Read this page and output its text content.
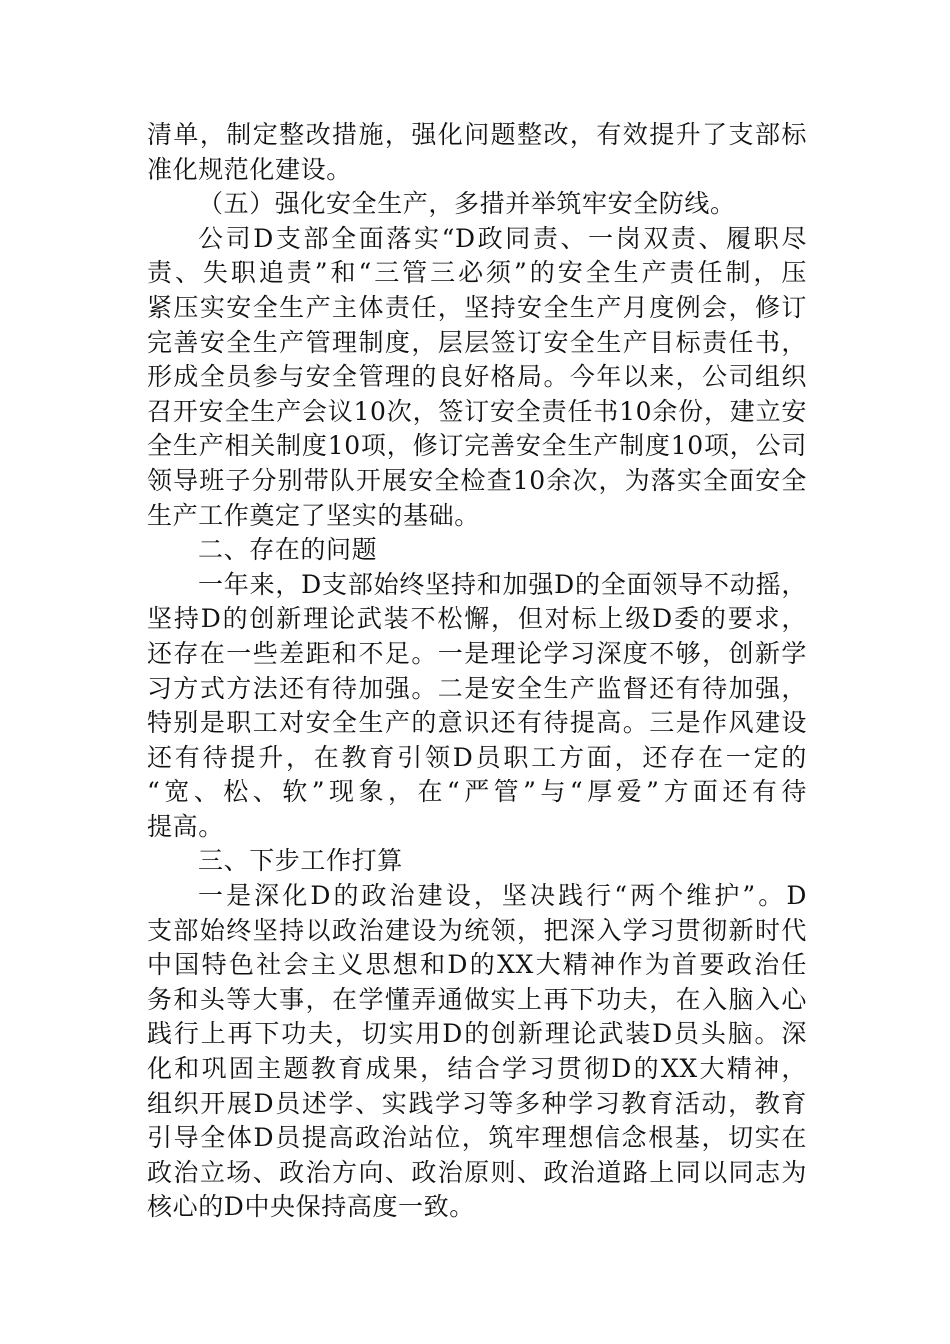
清单，制定整改措施，强化问题整改，有效提升了支部标
准化规范化建设。
（五）强化安全生产，多措并举筑牢安全防线。
公司D支部全面落实“D政同责、一岗双责、履职尽
责、失职追责”和“三管三必须”的安全生产责任制，压
紧压实安全生产主体责任，坚持安全生产月度例会，修订
完善安全生产管理制度，层层签订安全生产目标责任书，
形成全员参与安全管理的良好格局。今年以来，公司组织
召开安全生产会议10次，签订安全责任书10余份，建立安
全生产相关制度10项，修订完善安全生产制度10项，公司
领导班子分别带队开展安全检查10余次，为落实全面安全
生产工作奠定了坚实的基础。
二、存在的问题
一年来，D支部始终坚持和加强D的全面领导不动摇，
坚持D的创新理论武装不松懈，但对标上级D委的要求，
还存在一些差距和不足。一是理论学习深度不够，创新学
习方式方法还有待加强。二是安全生产监督还有待加强，
特别是职工对安全生产的意识还有待提高。三是作风建设
还有待提升，在教育引领D员职工方面，还存在一定的
“宽、松、软”现象，在“严管”与“厚爱”方面还有待
提高。
三、下步工作打算
一是深化D的政治建设，坚决践行“两个维护”。D
支部始终坚持以政治建设为统领，把深入学习贯彻新时代
中国特色社会主义思想和D的XX大精神作为首要政治任
务和头等大事，在学懂弄通做实上再下功夫，在入脑入心
践行上再下功夫，切实用D的创新理论武装D员头脑。深
化和巩固主题教育成果，结合学习贯彻D的XX大精神，
组织开展D员述学、实践学习等多种学习教育活动，教育
引导全体D员提高政治站位，筑牢理想信念根基，切实在
政治立场、政治方向、政治原则、政治道路上同以同志为
核心的D中央保持高度一致。
